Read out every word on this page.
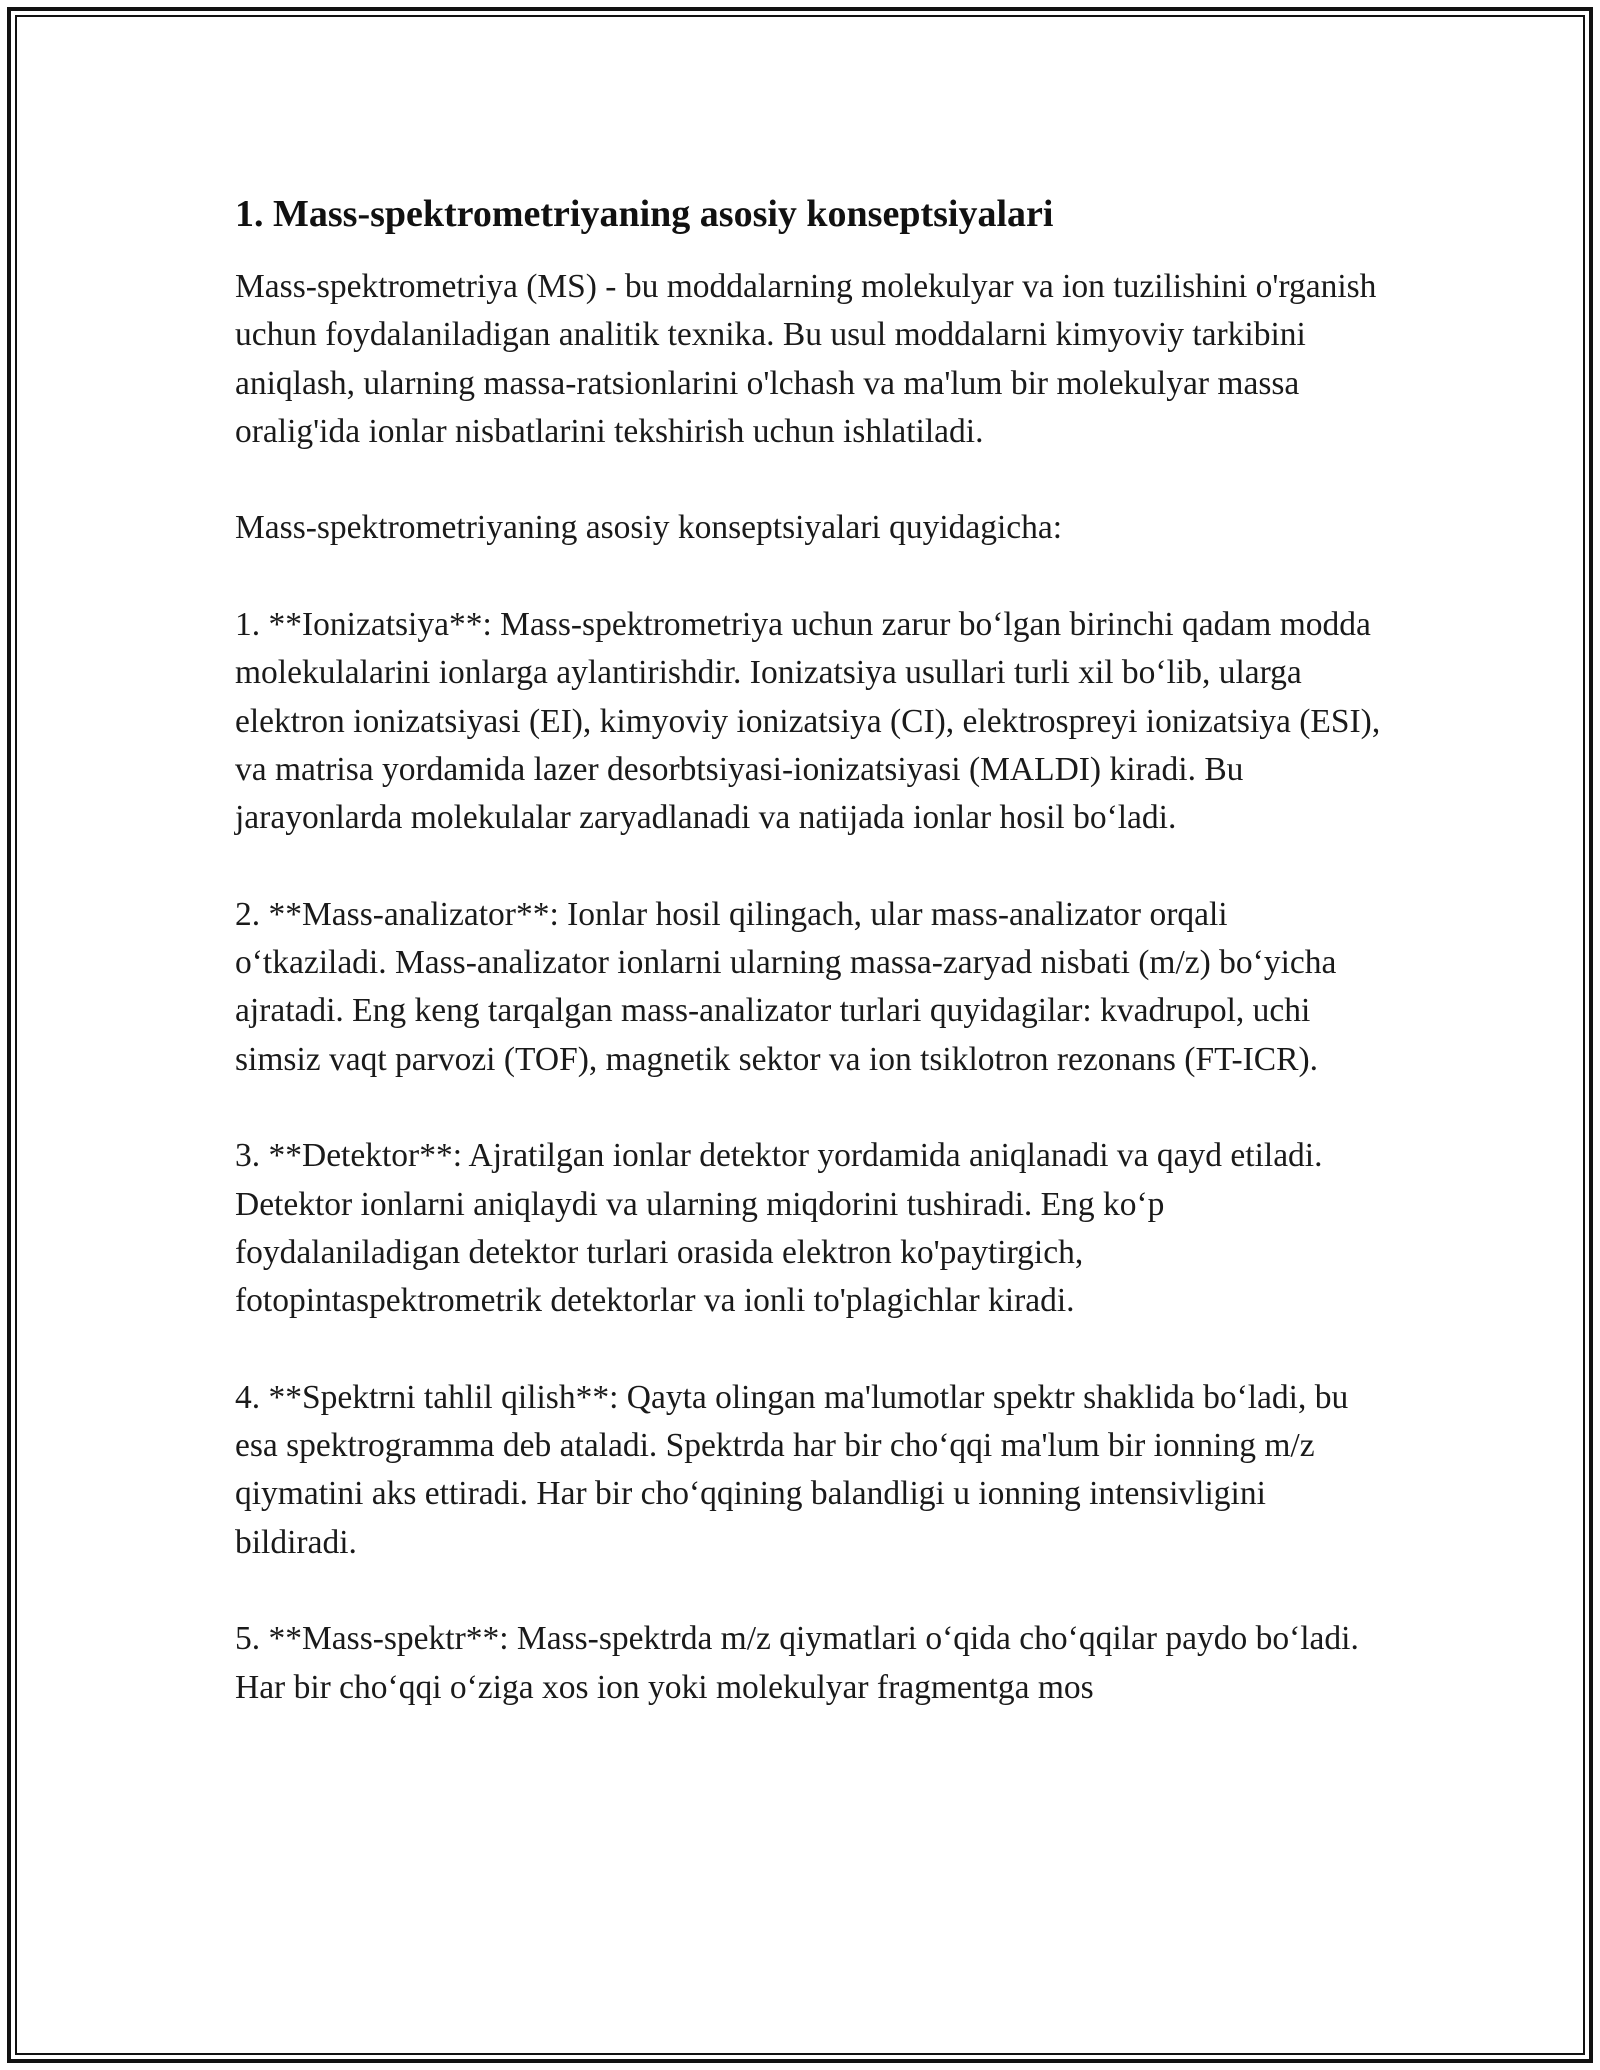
1. Mass-spektrometriyaning asosiy konseptsiyalari

Mass-spektrometriya (MS) - bu moddalarning molekulyar va ion tuzilishini o'rganish uchun foydalaniladigan analitik texnika. Bu usul moddalarni kimyoviy tarkibini aniqlash, ularning massa-ratsionlarini o'lchash va ma'lum bir molekulyar massa oralig'ida ionlar nisbatlarini tekshirish uchun ishlatiladi.

Mass-spektrometriyaning asosiy konseptsiyalari quyidagicha:

1. **Ionizatsiya**: Mass-spektrometriya uchun zarur bo‘lgan birinchi qadam modda molekulalarini ionlarga aylantirishdir. Ionizatsiya usullari turli xil bo‘lib, ularga elektron ionizatsiyasi (EI), kimyoviy ionizatsiya (CI), elektrospreyi ionizatsiya (ESI), va matrisa yordamida lazer desorbtsiyasi-ionizatsiyasi (MALDI) kiradi. Bu jarayonlarda molekulalar zaryadlanadi va natijada ionlar hosil bo‘ladi.

2. **Mass-analizator**: Ionlar hosil qilingach, ular mass-analizator orqali o‘tkaziladi. Mass-analizator ionlarni ularning massa-zaryad nisbati (m/z) bo‘yicha ajratadi. Eng keng tarqalgan mass-analizator turlari quyidagilar: kvadrupol, uchi simsiz vaqt parvozi (TOF), magnetik sektor va ion tsiklotron rezonans (FT-ICR).

3. **Detektor**: Ajratilgan ionlar detektor yordamida aniqlanadi va qayd etiladi. Detektor ionlarni aniqlaydi va ularning miqdorini tushiradi. Eng ko‘p foydalaniladigan detektor turlari orasida elektron ko'paytirgich, fotopintaspektrometrik detektorlar va ionli to'plagichlar kiradi.

4. **Spektrni tahlil qilish**: Qayta olingan ma'lumotlar spektr shaklida bo‘ladi, bu esa spektrogramma deb ataladi. Spektrda har bir cho‘qqi ma'lum bir ionning m/z qiymatini aks ettiradi. Har bir cho‘qqining balandligi u ionning intensivligini bildiradi.

5. **Mass-spektr**: Mass-spektrda m/z qiymatlari o‘qida cho‘qqilar paydo bo‘ladi. Har bir cho‘qqi o‘ziga xos ion yoki molekulyar fragmentga mos
